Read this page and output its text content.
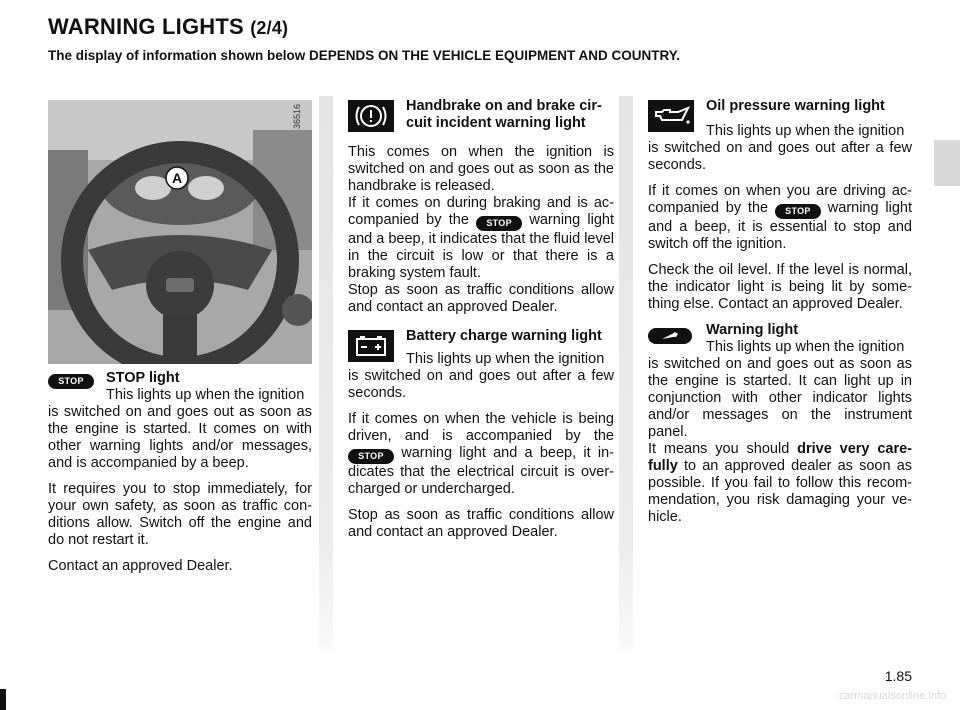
WARNING LIGHTS (2/4)

The display of information shown below DEPENDS ON THE VEHICLE EQUIPMENT AND COUNTRY.

A
36516
STOP	STOP light
This lights up when the ignition

is switched on and goes out as soon as the engine is started. It comes on with other warning lights and/or messages, and is accompanied by a beep.

It requires you to stop immediately, for your own safety, as soon as traffic con-ditions allow. Switch off the engine and do not restart it.

Contact an approved Dealer.

Handbrake on and brake cir-cuit incident warning light

This comes on when the ignition is switched on and goes out as soon as the handbrake is released.

If it comes on during braking and is ac-companied by the STOP warning light and a beep, it indicates that the fluid level in the circuit is low or that there is a braking system fault.

Stop as soon as traffic conditions allow and contact an approved Dealer.

Battery charge warning light
This lights up when the ignition

is switched on and goes out after a few seconds.

If it comes on when the vehicle is being driven, and is accompanied by the STOP warning light and a beep, it in-dicates that the electrical circuit is over-charged or undercharged.

Stop as soon as traffic conditions allow and contact an approved Dealer.

Oil pressure warning light
This lights up when the ignition

is switched on and goes out after a few seconds.

If it comes on when you are driving ac-companied by the STOP warning light and a beep, it is essential to stop and switch off the ignition.

Check the oil level. If the level is normal, the indicator light is being lit by some-thing else. Contact an approved Dealer.

Warning light
This lights up when the ignition

is switched on and goes out as soon as the engine is started. It can light up in conjunction with other indicator lights and/or messages on the instrument panel.

It means you should drive very care-fully to an approved dealer as soon as possible. If you fail to follow this recom-mendation, you risk damaging your ve-hicle.

1.85
carmanualsonline.info
